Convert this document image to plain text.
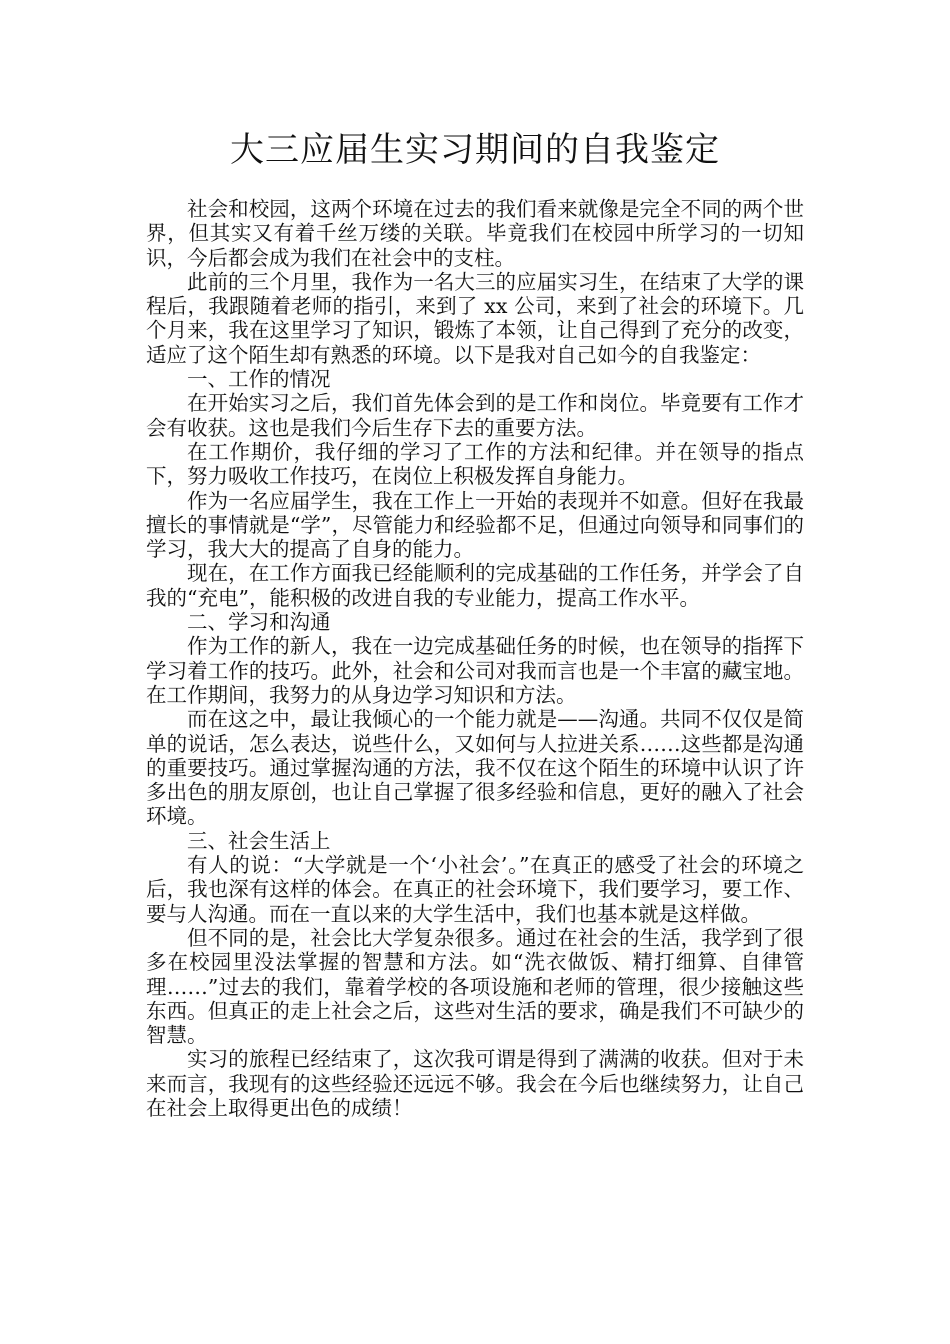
大三应届生实习期间的自我鉴定

社会和校园，这两个环境在过去的我们看来就像是完全不同的两个世界，但其实又有着千丝万缕的关联。毕竟我们在校园中所学习的一切知识，今后都会成为我们在社会中的支柱。

此前的三个月里，我作为一名大三的应届实习生，在结束了大学的课程后，我跟随着老师的指引，来到了 xx 公司，来到了社会的环境下。几个月来，我在这里学习了知识，锻炼了本领，让自己得到了充分的改变，适应了这个陌生却有熟悉的环境。以下是我对自己如今的自我鉴定：

一、工作的情况

在开始实习之后，我们首先体会到的是工作和岗位。毕竟要有工作才会有收获。这也是我们今后生存下去的重要方法。

在工作期价，我仔细的学习了工作的方法和纪律。并在领导的指点下，努力吸收工作技巧，在岗位上积极发挥自身能力。

作为一名应届学生，我在工作上一开始的表现并不如意。但好在我最擅长的事情就是“学”，尽管能力和经验都不足，但通过向领导和同事们的学习，我大大的提高了自身的能力。

现在，在工作方面我已经能顺利的完成基础的工作任务，并学会了自我的“充电”，能积极的改进自我的专业能力，提高工作水平。

二、学习和沟通

作为工作的新人，我在一边完成基础任务的时候，也在领导的指挥下学习着工作的技巧。此外，社会和公司对我而言也是一个丰富的藏宝地。在工作期间，我努力的从身边学习知识和方法。

而在这之中，最让我倾心的一个能力就是——沟通。共同不仅仅是简单的说话，怎么表达，说些什么，又如何与人拉进关系……这些都是沟通的重要技巧。通过掌握沟通的方法，我不仅在这个陌生的环境中认识了许多出色的朋友原创，也让自己掌握了很多经验和信息，更好的融入了社会环境。

三、社会生活上

有人的说：“大学就是一个‘小社会’。”在真正的感受了社会的环境之后，我也深有这样的体会。在真正的社会环境下，我们要学习，要工作、要与人沟通。而在一直以来的大学生活中，我们也基本就是这样做。

但不同的是，社会比大学复杂很多。通过在社会的生活，我学到了很多在校园里没法掌握的智慧和方法。如“洗衣做饭、精打细算、自律管理……”过去的我们，靠着学校的各项设施和老师的管理，很少接触这些东西。但真正的走上社会之后，这些对生活的要求，确是我们不可缺少的智慧。

实习的旅程已经结束了，这次我可谓是得到了满满的收获。但对于未来而言，我现有的这些经验还远远不够。我会在今后也继续努力，让自己在社会上取得更出色的成绩！
